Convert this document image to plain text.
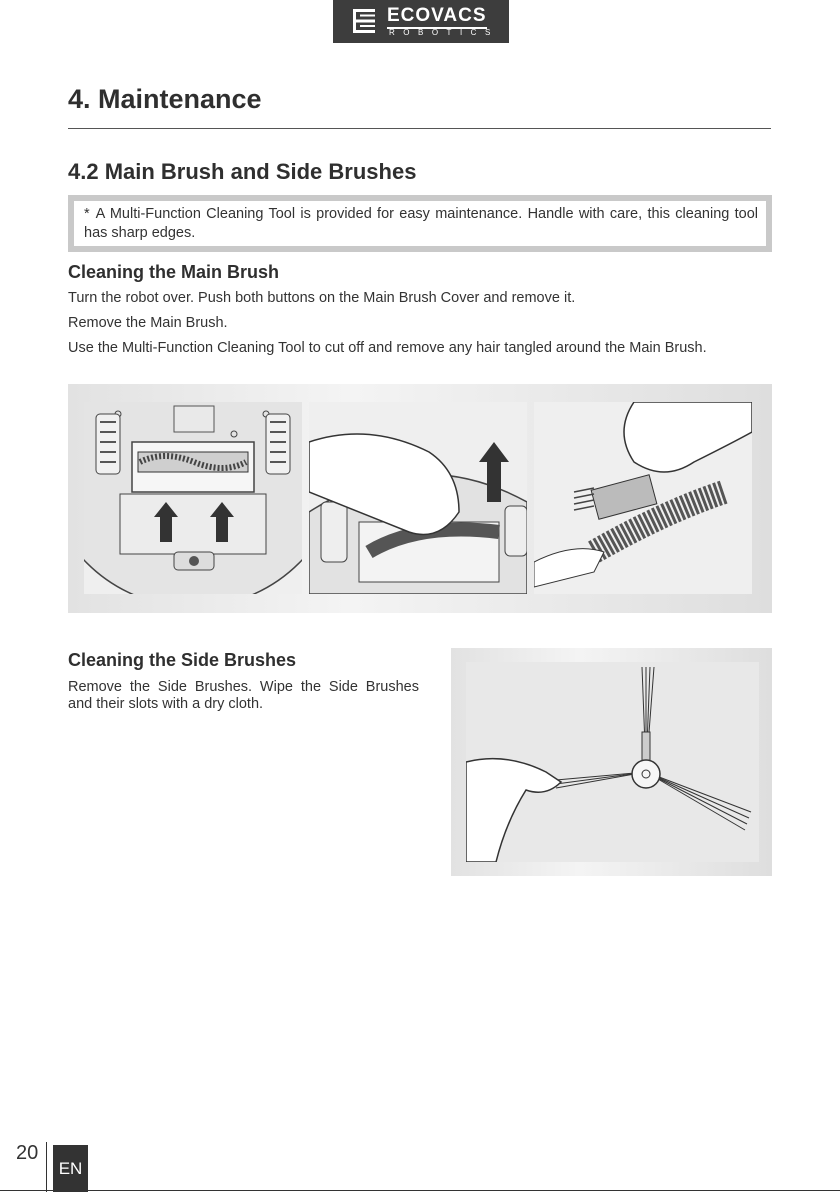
ECOVACS
ROBOTICS
4. Maintenance
4.2 Main Brush and Side Brushes
* A Multi-Function Cleaning Tool is provided for easy maintenance. Handle with care, this cleaning tool has sharp edges.
Cleaning the Main Brush

Turn the robot over. Push both buttons on the Main Brush Cover and remove it.

Remove the Main Brush.

Use the Multi-Function Cleaning Tool to cut off and remove any hair tangled around the Main Brush.

Cleaning the Side Brushes

Remove the Side Brushes. Wipe the Side Brushes and their slots with a dry cloth.

20
EN
